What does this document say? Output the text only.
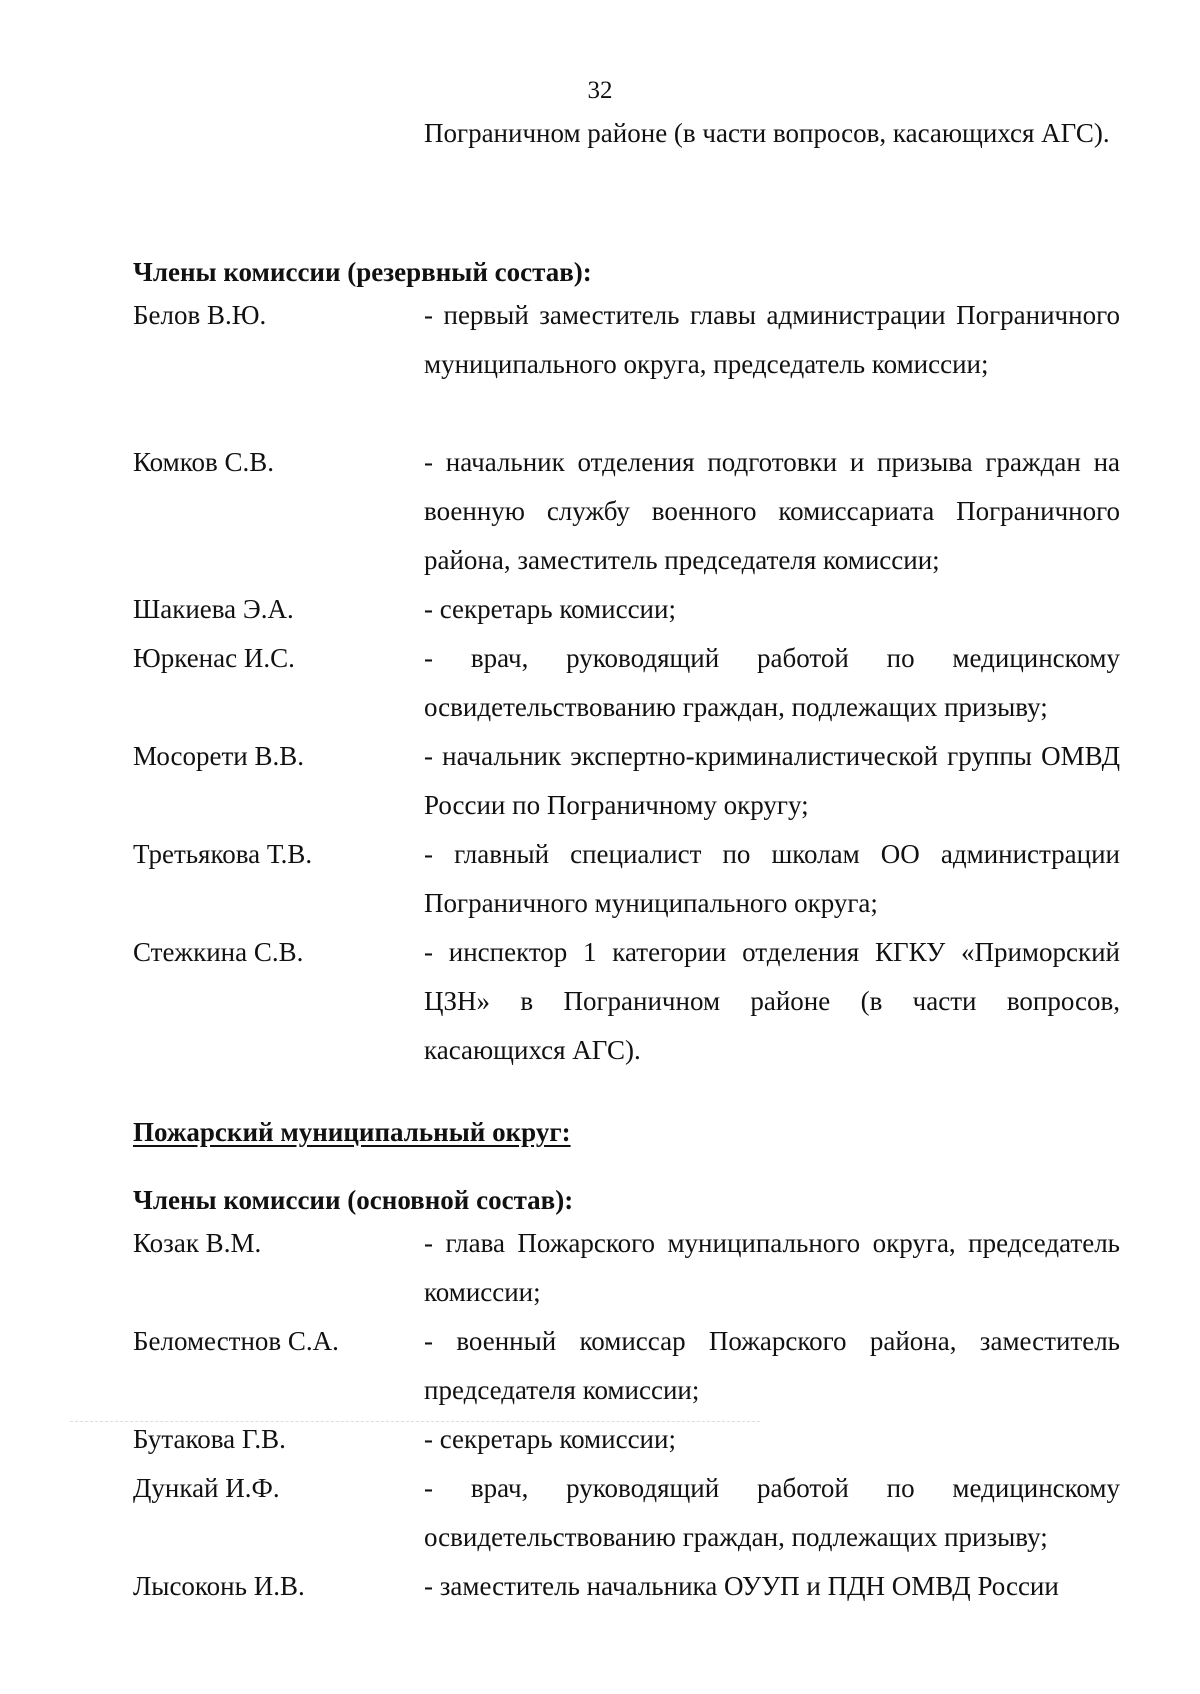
32
Пограничном районе (в части вопросов, касающихся АГС).
Члены комиссии (резервный состав):
Белов В.Ю.	- первый заместитель главы администрации Пограничного муниципального округа, председатель комиссии;
Комков С.В.	- начальник отделения подготовки и призыва граждан на военную службу военного комиссариата Пограничного района, заместитель председателя комиссии;
Шакиева Э.А.	- секретарь комиссии;
Юркенас И.С.	- врач, руководящий работой по медицинскому освидетельствованию граждан, подлежащих призыву;
Мосорети В.В.	- начальник экспертно-криминалистической группы ОМВД России по Пограничному округу;
Третьякова Т.В.	- главный специалист по школам ОО администрации Пограничного муниципального округа;
Стежкина С.В.	- инспектор 1 категории отделения КГКУ «Приморский ЦЗН» в Пограничном районе (в части вопросов, касающихся АГС).
Пожарский муниципальный округ:
Члены комиссии (основной состав):
Козак В.М.	- глава Пожарского муниципального округа, председатель комиссии;
Беломестнов С.А.	- военный комиссар Пожарского района, заместитель председателя комиссии;
Бутакова Г.В.	- секретарь комиссии;
Дункай И.Ф.	- врач, руководящий работой по медицинскому освидетельствованию граждан, подлежащих призыву;
Лысоконь И.В.	- заместитель начальника ОУУП и ПДН ОМВД России
